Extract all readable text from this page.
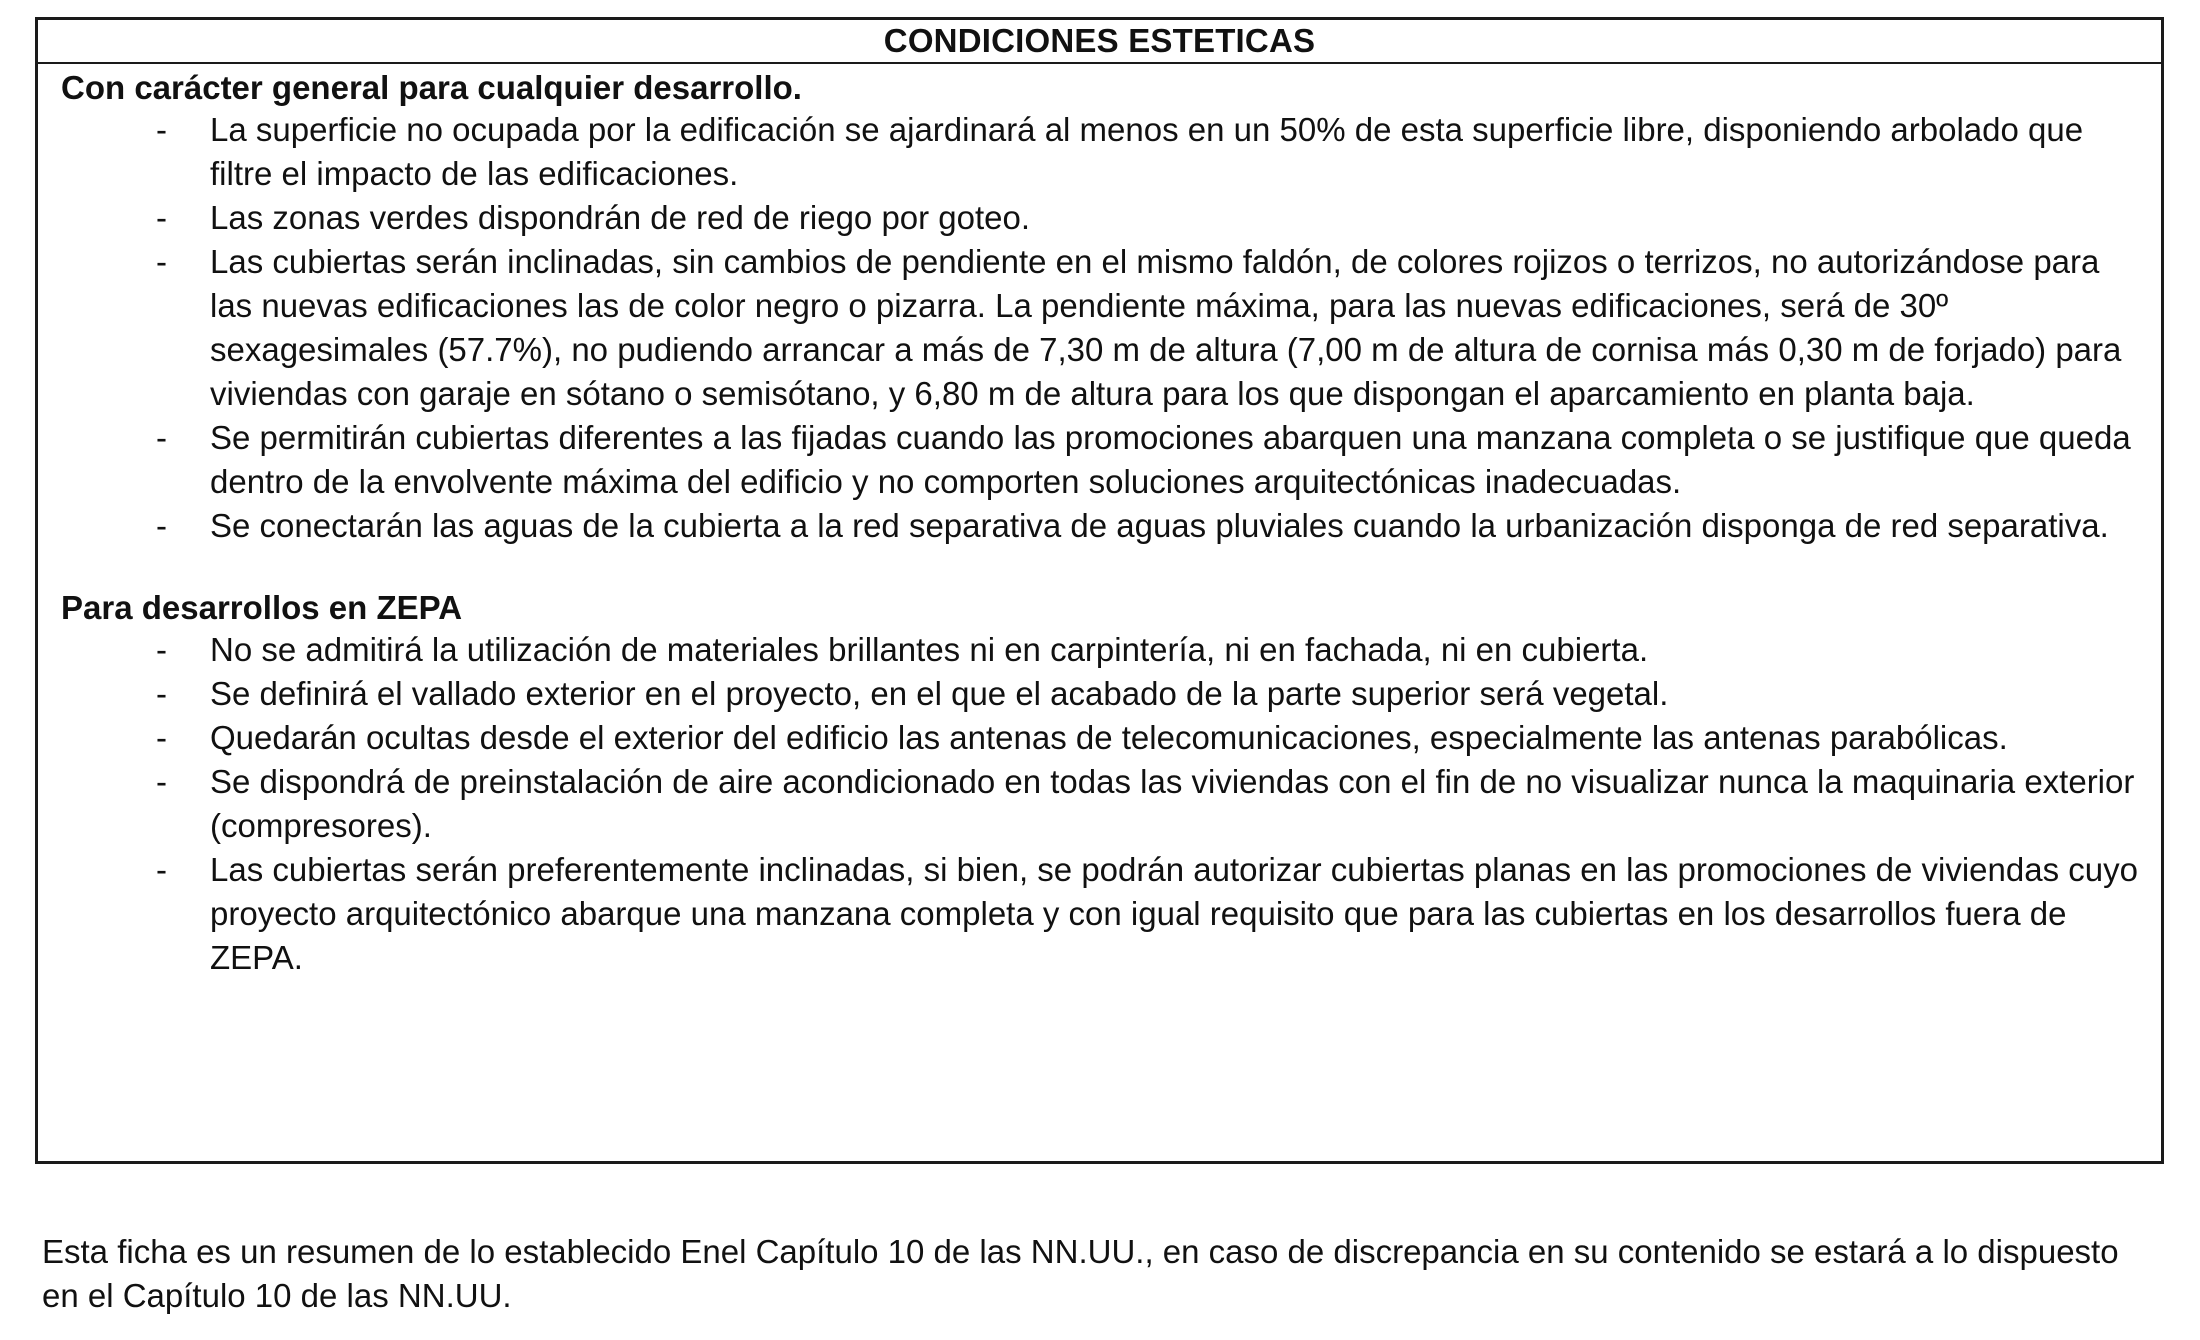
CONDICIONES ESTETICAS

Con carácter general para cualquier desarrollo.

- La superficie no ocupada por la edificación se ajardinará al menos en un 50% de esta superficie libre, disponiendo arbolado que filtre el impacto de las edificaciones.
- Las zonas verdes dispondrán de red de riego por goteo.
- Las cubiertas serán inclinadas, sin cambios de pendiente en el mismo faldón, de colores rojizos o terrizos, no autorizándose para las nuevas edificaciones las de color negro o pizarra. La pendiente máxima, para las nuevas edificaciones, será de 30º sexagesimales (57.7%), no pudiendo arrancar a más de 7,30 m de altura (7,00 m de altura de cornisa más 0,30 m de forjado) para viviendas con garaje en sótano o semisótano, y 6,80 m de altura para los que dispongan el aparcamiento en planta baja.
- Se permitirán cubiertas diferentes a las fijadas cuando las promociones abarquen una manzana completa o se justifique que queda dentro de la envolvente máxima del edificio y no comporten soluciones arquitectónicas inadecuadas.
- Se conectarán las aguas de la cubierta a la red separativa de aguas pluviales cuando la urbanización disponga de red separativa.

Para desarrollos en ZEPA

- No se admitirá la utilización de materiales brillantes ni en carpintería, ni en fachada, ni en cubierta.
- Se definirá el vallado exterior en el proyecto, en el que el acabado de la parte superior será vegetal.
- Quedarán ocultas desde el exterior del edificio las antenas de telecomunicaciones, especialmente las antenas parabólicas.
- Se dispondrá de preinstalación de aire acondicionado en todas las viviendas con el fin de no visualizar nunca la maquinaria exterior (compresores).
- Las cubiertas serán preferentemente inclinadas, si bien, se podrán autorizar cubiertas planas en las promociones de viviendas cuyo proyecto arquitectónico abarque una manzana completa y con igual requisito que para las cubiertas en los desarrollos fuera de ZEPA.

Esta ficha es un resumen de lo establecido Enel Capítulo 10 de las NN.UU., en caso de discrepancia en su contenido se estará a lo dispuesto en el Capítulo 10 de las NN.UU.
